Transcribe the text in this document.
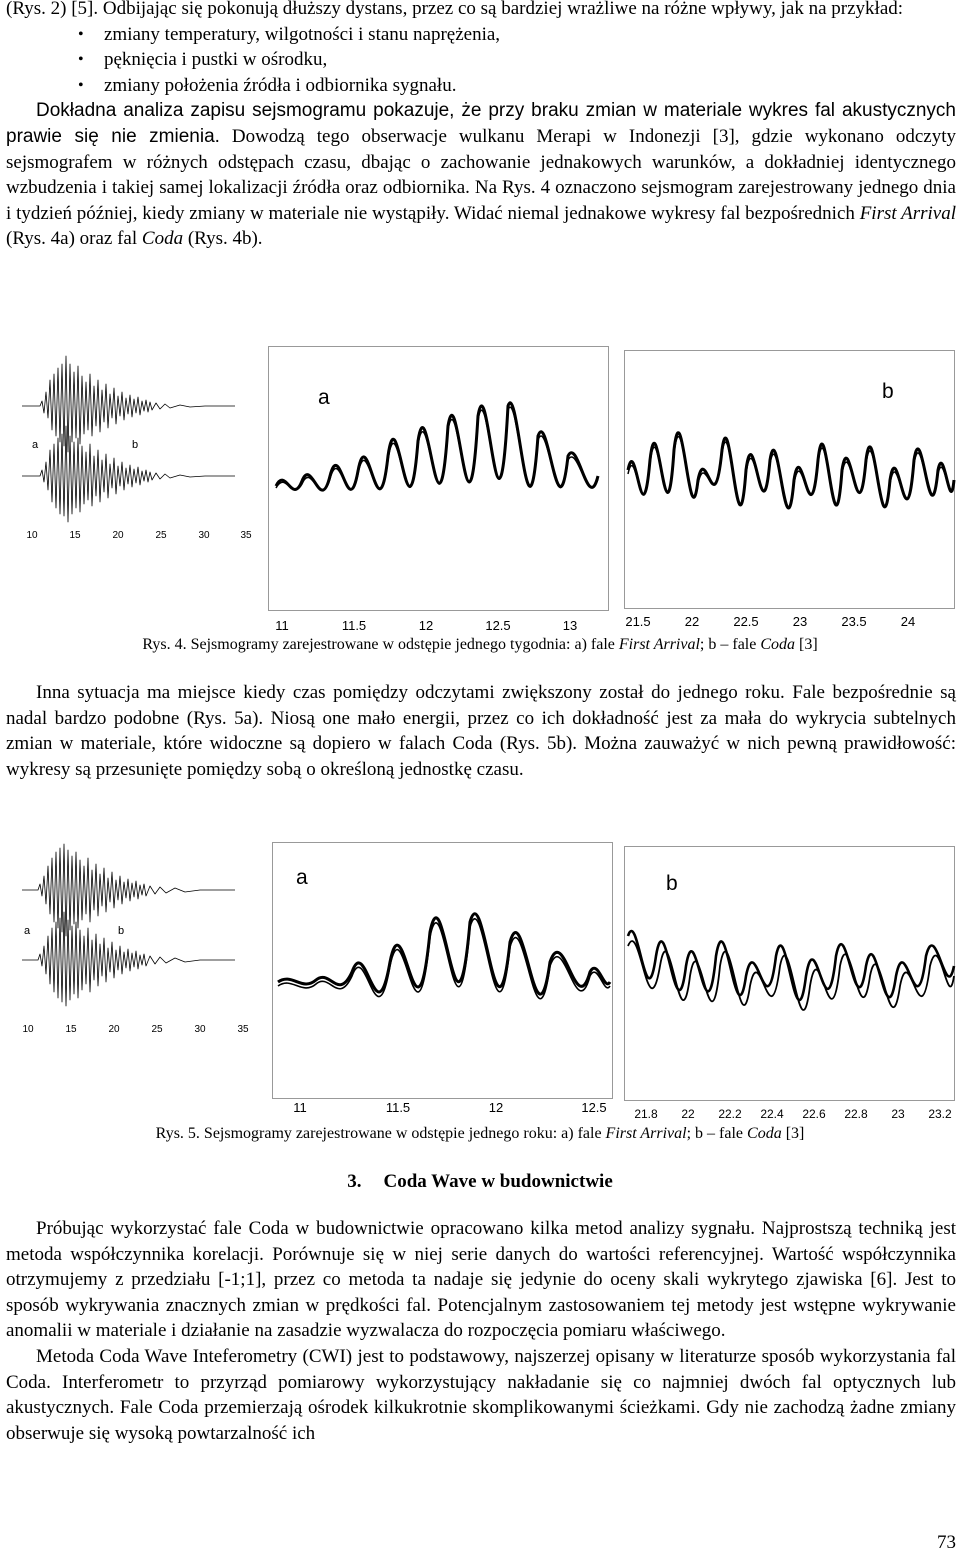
(Rys. 2) [5]. Odbijając się pokonują dłuższy dystans, przez co są bardziej wrażliwe na różne wpływy, jak na przykład:

• zmiany temperatury, wilgotności i stanu naprężenia,
• pęknięcia i pustki w ośrodku,
• zmiany położenia źródła i odbiornika sygnału.

Dokładna analiza zapisu sejsmogramu pokazuje, że przy braku zmian w materiale wykres fal akustycznych prawie się nie zmienia. Dowodzą tego obserwacje wulkanu Merapi w Indonezji [3], gdzie wykonano odczyty sejsmografem w różnych odstępach czasu, dbając o zachowanie jednakowych warunków, a dokładniej identycznego wzbudzenia i takiej samej lokalizacji źródła oraz odbiornika. Na Rys. 4 oznaczono sejsmogram zarejestrowany jednego dnia i tydzień później, kiedy zmiany w materiale nie wystąpiły. Widać niemal jednakowe wykresy fal bezpośrednich First Arrival (Rys. 4a) oraz fal Coda (Rys. 4b).

a	b
10	15	20	25	30	35
a
11	11.5	12	12.5	13
b
21.5	22	22.5	23	23.5	24
Rys. 4. Sejsmogramy zarejestrowane w odstępie jednego tygodnia: a) fale First Arrival; b – fale Coda [3]

Inna sytuacja ma miejsce kiedy czas pomiędzy odczytami zwiększony został do jednego roku. Fale bezpośrednie są nadal bardzo podobne (Rys. 5a). Niosą one mało energii, przez co ich dokładność jest za mała do wykrycia subtelnych zmian w materiale, które widoczne są dopiero w falach Coda (Rys. 5b). Można zauważyć w nich pewną prawidłowość: wykresy są przesunięte pomiędzy sobą o określoną jednostkę czasu.

a	b
10	15	20	25	30	35
a
11	11.5	12	12.5
b
21.8 22 22.2 22.4 22.6 22.8 23 23.2
Rys. 5. Sejsmogramy zarejestrowane w odstępie jednego roku: a) fale First Arrival; b – fale Coda [3]
3. Coda Wave w budownictwie

Próbując wykorzystać fale Coda w budownictwie opracowano kilka metod analizy sygnału. Najprostszą techniką jest metoda współczynnika korelacji. Porównuje się w niej serie danych do wartości referencyjnej. Wartość współczynnika otrzymujemy z przedziału [-1;1], przez co metoda ta nadaje się jedynie do oceny skali wykrytego zjawiska [6]. Jest to sposób wykrywania znacznych zmian w prędkości fal. Potencjalnym zastosowaniem tej metody jest wstępne wykrywanie anomalii w materiale i działanie na zasadzie wyzwalacza do rozpoczęcia pomiaru właściwego.

Metoda Coda Wave Inteferometry (CWI) jest to podstawowy, najszerzej opisany w literaturze sposób wykorzystania fal Coda. Interferometr to przyrząd pomiarowy wykorzystujący nakładanie się co najmniej dwóch fal optycznych lub akustycznych. Fale Coda przemierzają ośrodek kilkukrotnie skomplikowanymi ścieżkami. Gdy nie zachodzą żadne zmiany obserwuje się wysoką powtarzalność ich

73
